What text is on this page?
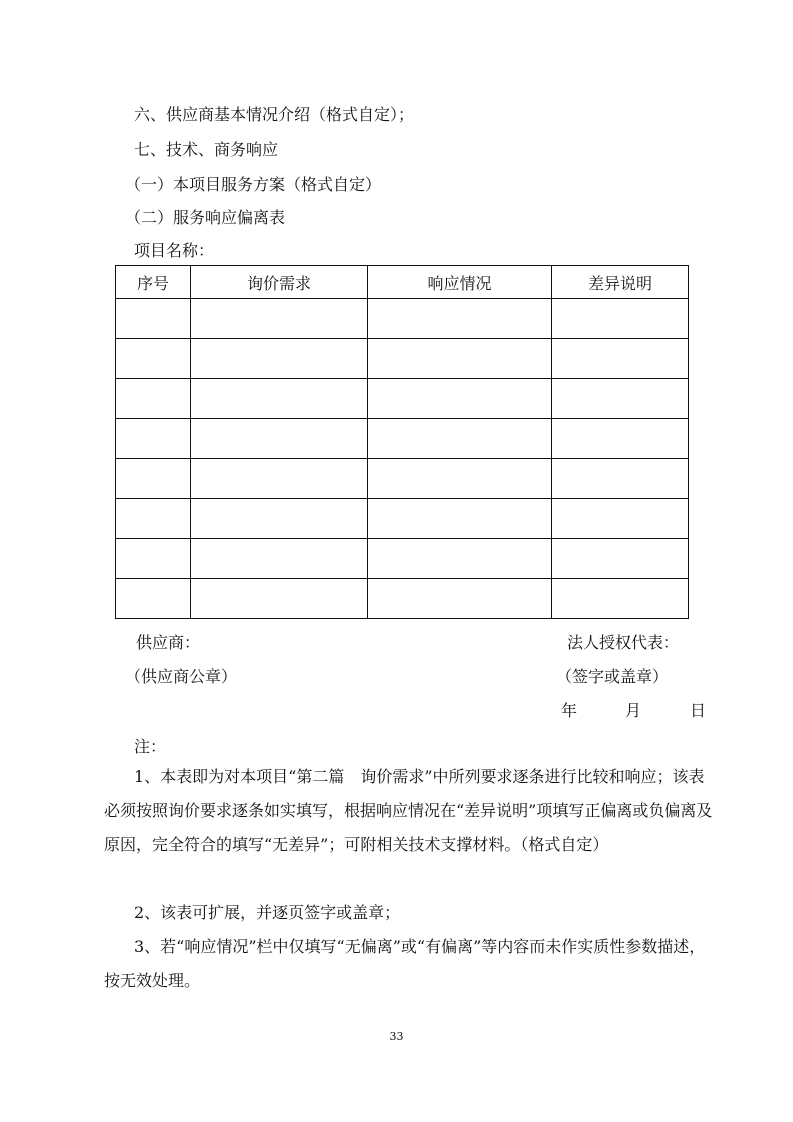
六、供应商基本情况介绍（格式自定）；
七、技术、商务响应
（一）本项目服务方案（格式自定）
（二）服务响应偏离表
项目名称：
序号	询价需求	响应情况	差异说明

供应商：	法人授权代表：
（供应商公章）	（签字或盖章）
年	月	日
注：
1、本表即为对本项目“第二篇　询价需求”中所列要求逐条进行比较和响应；该表必须按照询价要求逐条如实填写，根据响应情况在“差异说明”项填写正偏离或负偏离及原因，完全符合的填写“无差异”；可附相关技术支撑材料。（格式自定）
2、该表可扩展，并逐页签字或盖章；
3、若“响应情况”栏中仅填写“无偏离”或“有偏离”等内容而未作实质性参数描述，按无效处理。
33
